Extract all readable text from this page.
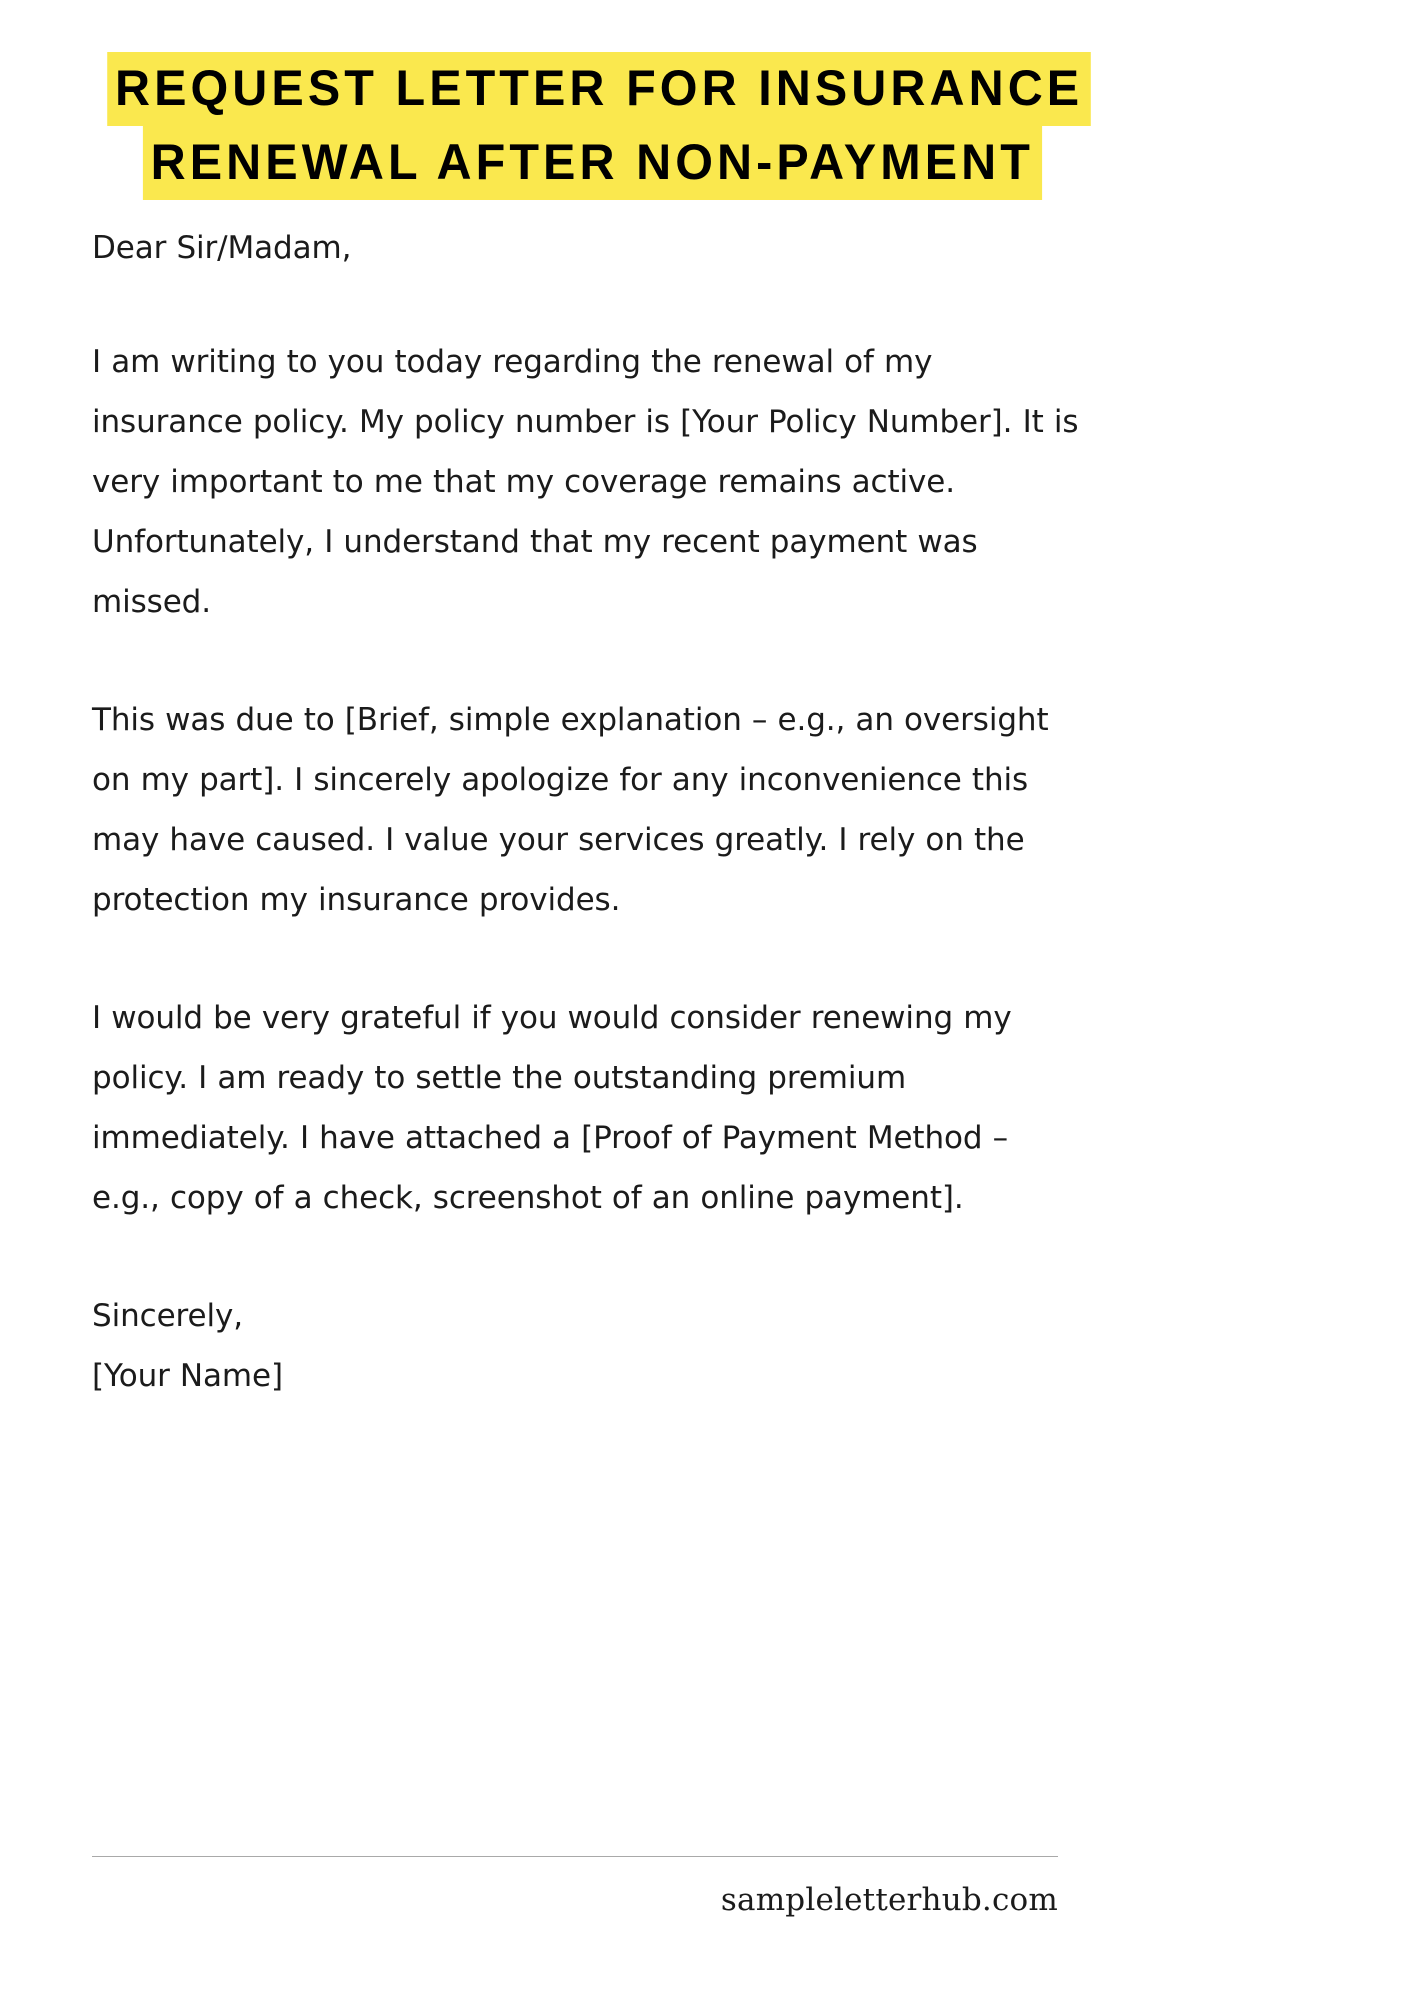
REQUEST LETTER FOR INSURANCE
RENEWAL AFTER NON-PAYMENT

Dear Sir/Madam,

I am writing to you today regarding the renewal of my insurance policy. My policy number is [Your Policy Number]. It is very important to me that my coverage remains active. Unfortunately, I understand that my recent payment was missed.

This was due to [Brief, simple explanation – e.g., an oversight on my part]. I sincerely apologize for any inconvenience this may have caused. I value your services greatly. I rely on the protection my insurance provides.

I would be very grateful if you would consider renewing my policy. I am ready to settle the outstanding premium immediately. I have attached a [Proof of Payment Method – e.g., copy of a check, screenshot of an online payment].

Sincerely,
[Your Name]

sampleletterhub.com
